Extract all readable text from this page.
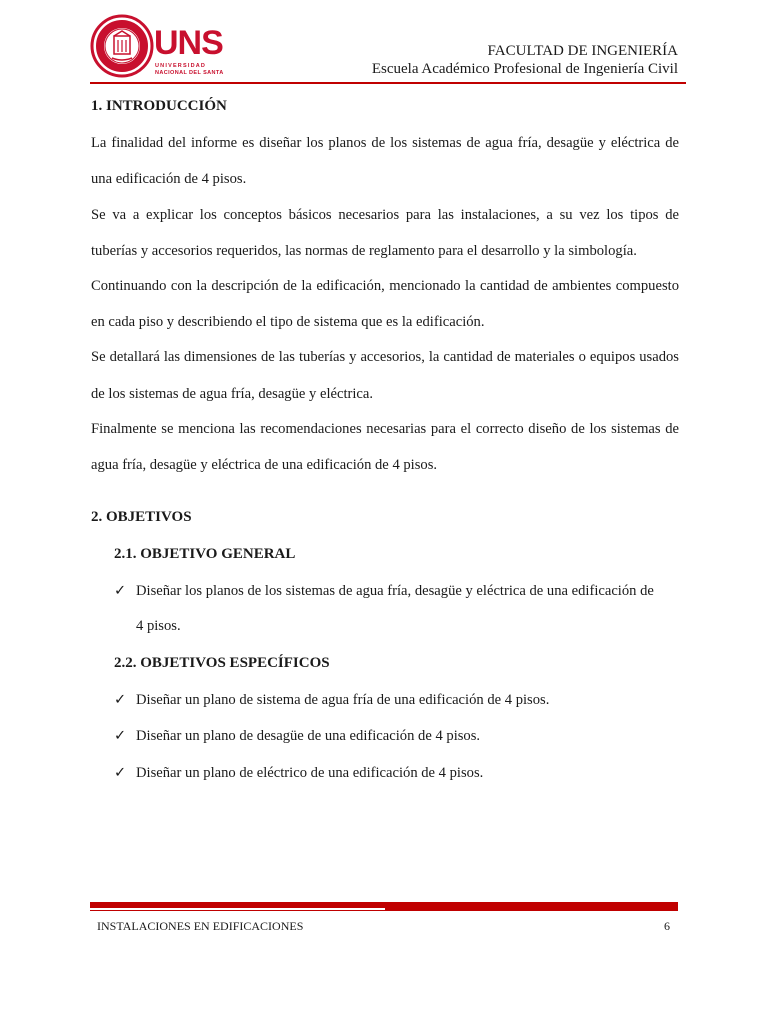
UNS
UNIVERSIDAD
NACIONAL DEL SANTA
FACULTAD DE INGENIERÍA
Escuela Académico Profesional de Ingeniería Civil
1. INTRODUCCIÓN
La finalidad del informe es diseñar los planos de los sistemas de agua fría, desagüe y eléctrica de
una edificación de 4 pisos.
Se va a explicar los conceptos básicos necesarios para las instalaciones, a su vez los tipos de
tuberías y accesorios requeridos, las normas de reglamento para el desarrollo y la simbología.
Continuando con la descripción de la edificación, mencionado la cantidad de ambientes compuesto
en cada piso y describiendo el tipo de sistema que es la edificación.
Se detallará las dimensiones de las tuberías y accesorios, la cantidad de materiales o equipos usados
de los sistemas de agua fría, desagüe y eléctrica.
Finalmente se menciona las recomendaciones necesarias para el correcto diseño de los sistemas de
agua fría, desagüe y eléctrica de una edificación de 4 pisos.
2. OBJETIVOS
2.1. OBJETIVO GENERAL
✓ Diseñar los planos de los sistemas de agua fría, desagüe y eléctrica de una edificación de
4 pisos.
2.2. OBJETIVOS ESPECÍFICOS
✓ Diseñar un plano de sistema de agua fría de una edificación de 4 pisos.
✓ Diseñar un plano de desagüe de una edificación de 4 pisos.
✓ Diseñar un plano de eléctrico de una edificación de 4 pisos.
INSTALACIONES EN EDIFICACIONES	6
